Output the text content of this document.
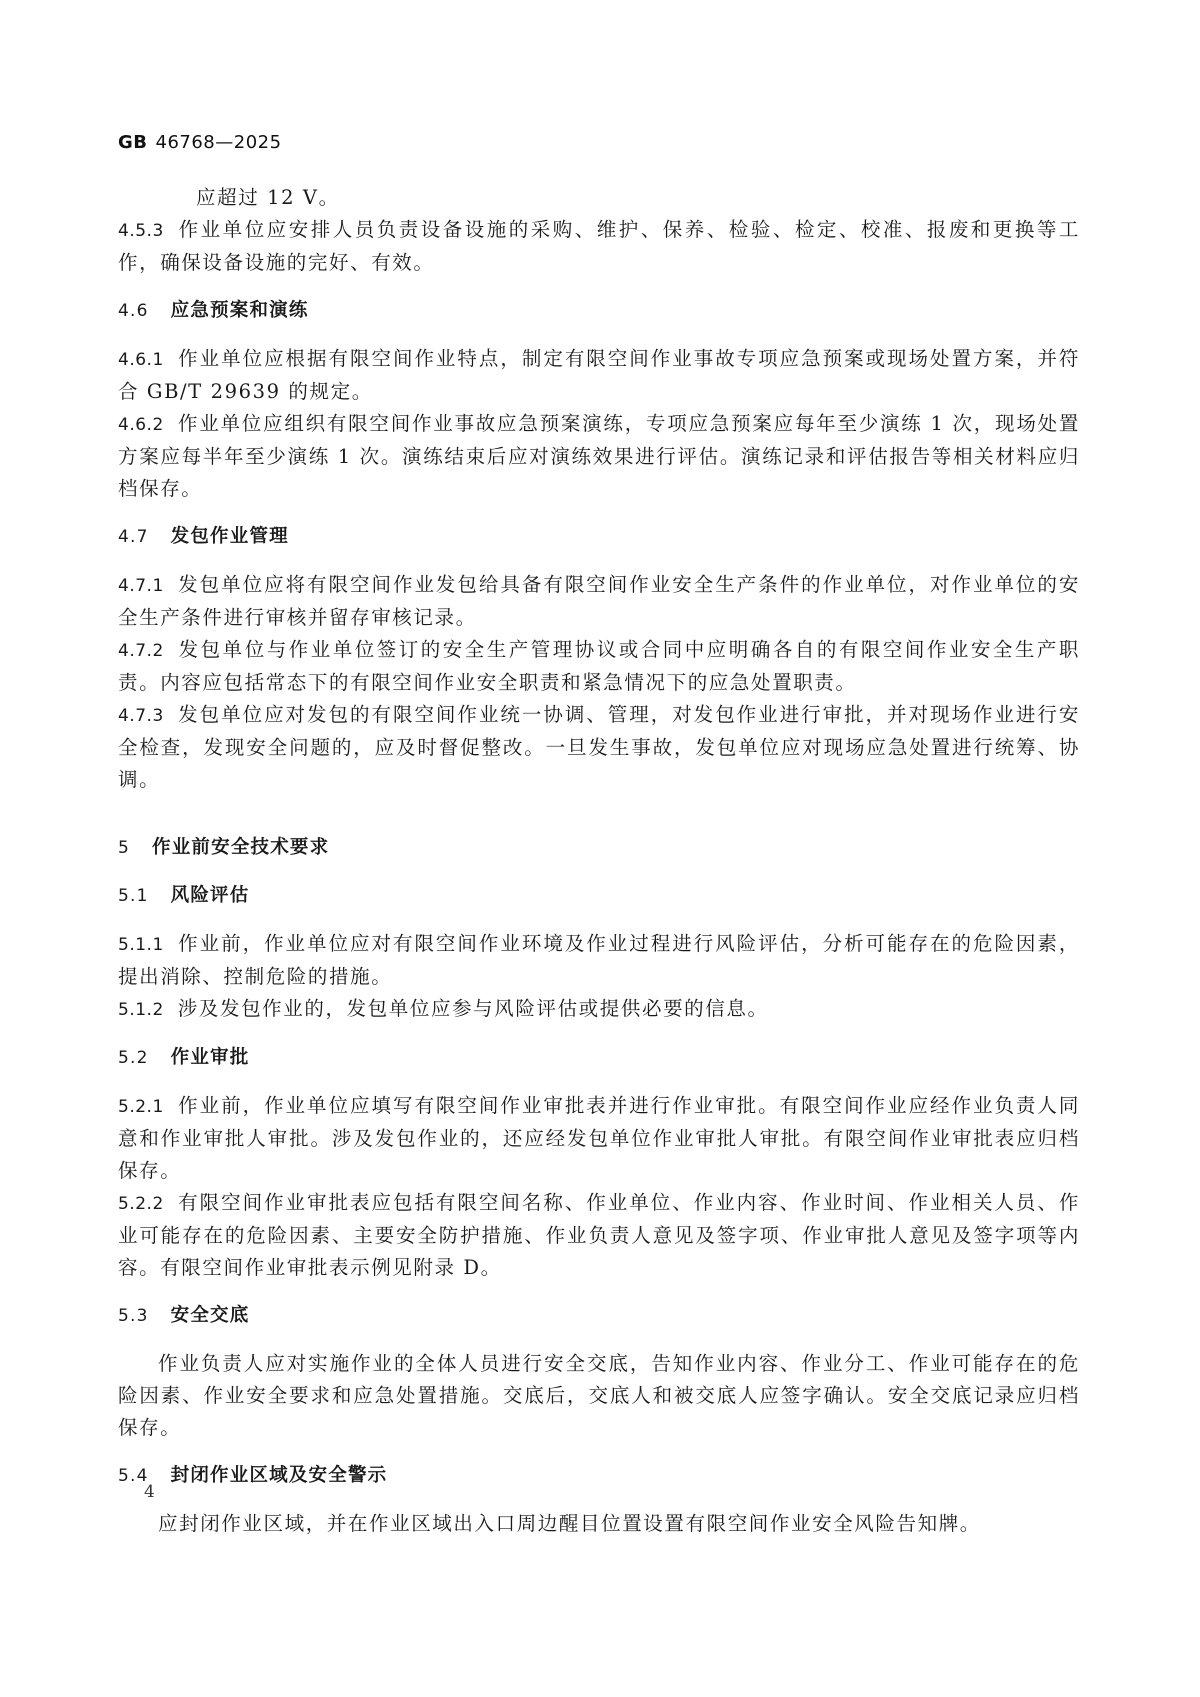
GB 46768—2025

应超过 12 V。

4.5.3 作业单位应安排人员负责设备设施的采购、维护、保养、检验、检定、校准、报废和更换等工作，确保设备设施的完好、有效。

4.6 应急预案和演练

4.6.1 作业单位应根据有限空间作业特点，制定有限空间作业事故专项应急预案或现场处置方案，并符合 GB/T 29639 的规定。

4.6.2 作业单位应组织有限空间作业事故应急预案演练，专项应急预案应每年至少演练 1 次，现场处置方案应每半年至少演练 1 次。演练结束后应对演练效果进行评估。演练记录和评估报告等相关材料应归档保存。

4.7 发包作业管理

4.7.1 发包单位应将有限空间作业发包给具备有限空间作业安全生产条件的作业单位，对作业单位的安全生产条件进行审核并留存审核记录。

4.7.2 发包单位与作业单位签订的安全生产管理协议或合同中应明确各自的有限空间作业安全生产职责。内容应包括常态下的有限空间作业安全职责和紧急情况下的应急处置职责。

4.7.3 发包单位应对发包的有限空间作业统一协调、管理，对发包作业进行审批，并对现场作业进行安全检查，发现安全问题的，应及时督促整改。一旦发生事故，发包单位应对现场应急处置进行统筹、协调。

5 作业前安全技术要求
5.1 风险评估

5.1.1 作业前，作业单位应对有限空间作业环境及作业过程进行风险评估，分析可能存在的危险因素，提出消除、控制危险的措施。

5.1.2 涉及发包作业的，发包单位应参与风险评估或提供必要的信息。

5.2 作业审批

5.2.1 作业前，作业单位应填写有限空间作业审批表并进行作业审批。有限空间作业应经作业负责人同意和作业审批人审批。涉及发包作业的，还应经发包单位作业审批人审批。有限空间作业审批表应归档保存。

5.2.2 有限空间作业审批表应包括有限空间名称、作业单位、作业内容、作业时间、作业相关人员、作业可能存在的危险因素、主要安全防护措施、作业负责人意见及签字项、作业审批人意见及签字项等内容。有限空间作业审批表示例见附录 D。

5.3 安全交底

作业负责人应对实施作业的全体人员进行安全交底，告知作业内容、作业分工、作业可能存在的危险因素、作业安全要求和应急处置措施。交底后，交底人和被交底人应签字确认。安全交底记录应归档保存。

5.4 封闭作业区域及安全警示

应封闭作业区域，并在作业区域出入口周边醒目位置设置有限空间作业安全风险告知牌。

4
